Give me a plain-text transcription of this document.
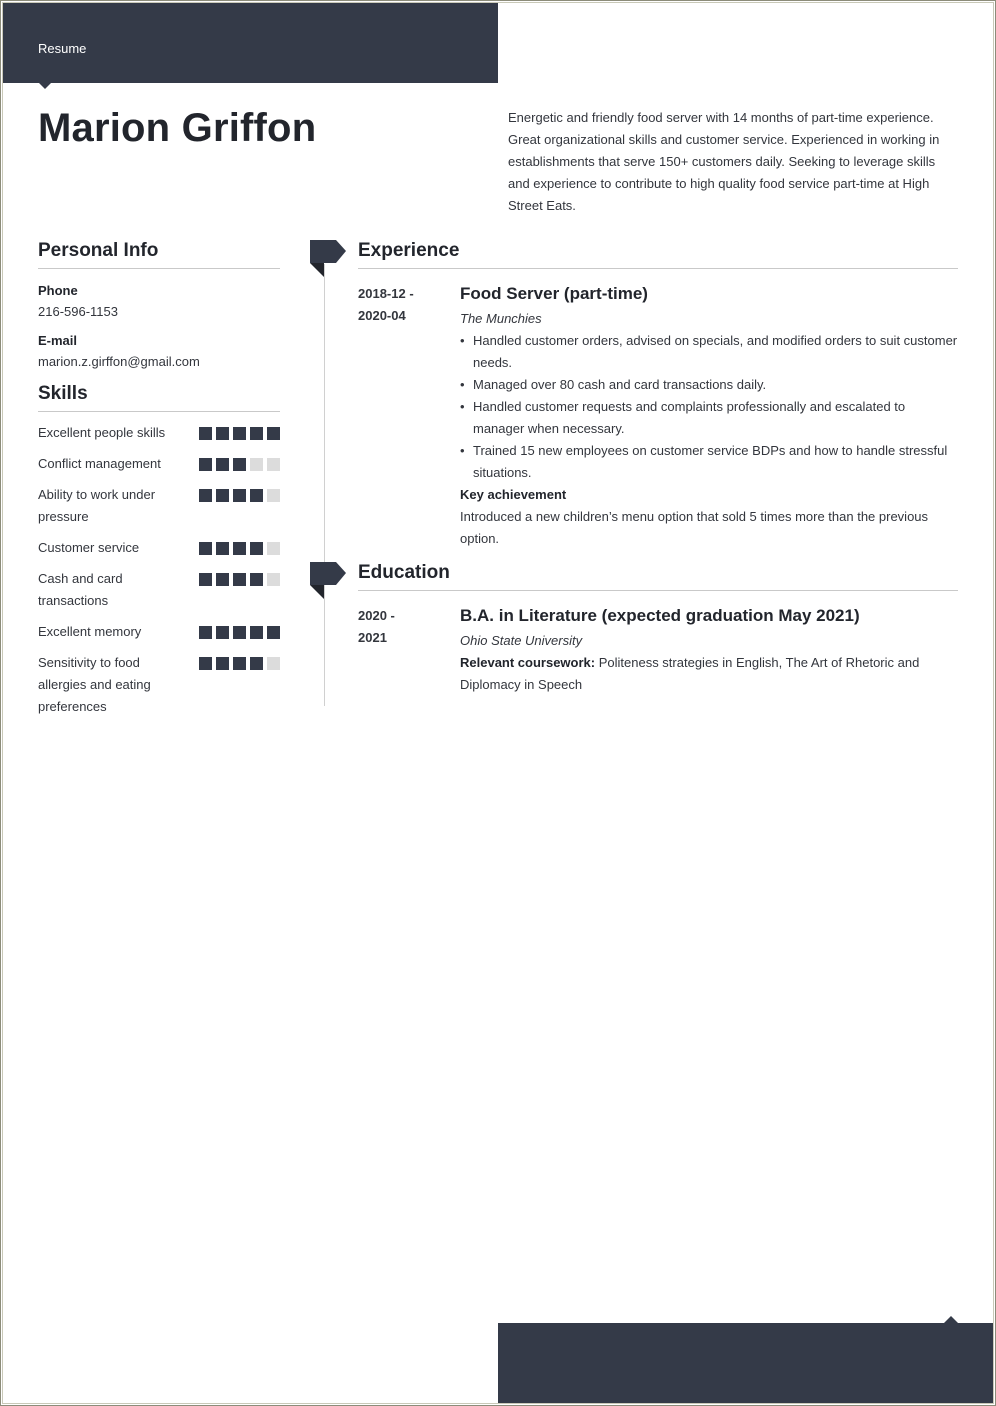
Resume
Marion Griffon	Energetic and friendly food server with 14 months of part-time experience. Great organizational skills and customer service. Experienced in working in establishments that serve 150+ customers daily. Seeking to leverage skills and experience to contribute to high quality food service part-time at High Street Eats.
Personal Info
Phone
216-596-1153
E-mail
marion.z.girffon@gmail.com
Skills
Excellent people skills
Conflict management
Ability to work under pressure
Customer service
Cash and card transactions
Excellent memory
Sensitivity to food allergies and eating preferences
Experience
2018-12 -
2020-04
Food Server (part-time)
The Munchies
• Handled customer orders, advised on specials, and modified orders to suit customer needs.
• Managed over 80 cash and card transactions daily.
• Handled customer requests and complaints professionally and escalated to manager when necessary.
• Trained 15 new employees on customer service BDPs and how to handle stressful situations.
Key achievement
Introduced a new children’s menu option that sold 5 times more than the previous option.
Education
2020 -
2021
B.A. in Literature (expected graduation May 2021)
Ohio State University
Relevant coursework: Politeness strategies in English, The Art of Rhetoric and Diplomacy in Speech
